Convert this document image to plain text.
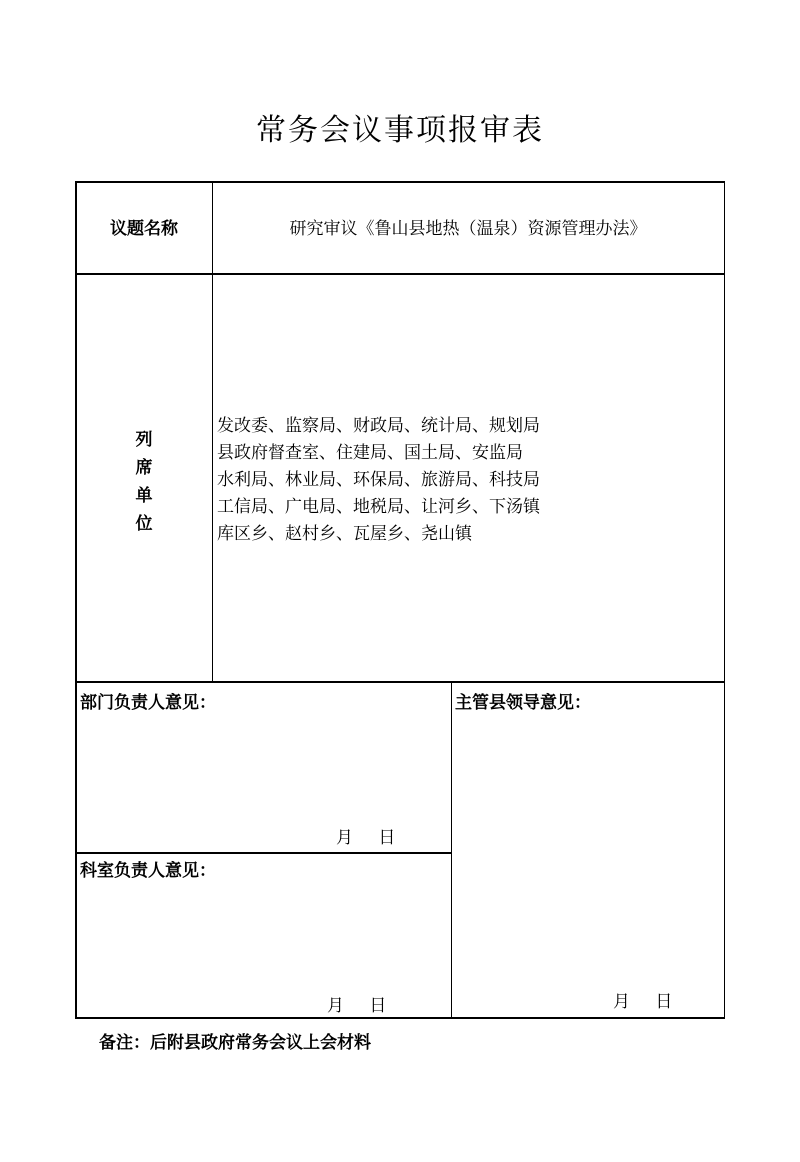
常务会议事项报审表
议题名称	研究审议《鲁山县地热（温泉）资源管理办法》
列
席
单
位
发改委、监察局、财政局、统计局、规划局
县政府督查室、住建局、国土局、安监局
水利局、林业局、环保局、旅游局、科技局
工信局、广电局、地税局、让河乡、下汤镇
库区乡、赵村乡、瓦屋乡、尧山镇
部门负责人意见：
月 日
科室负责人意见：
月 日
主管县领导意见：
月 日
备注：后附县政府常务会议上会材料
